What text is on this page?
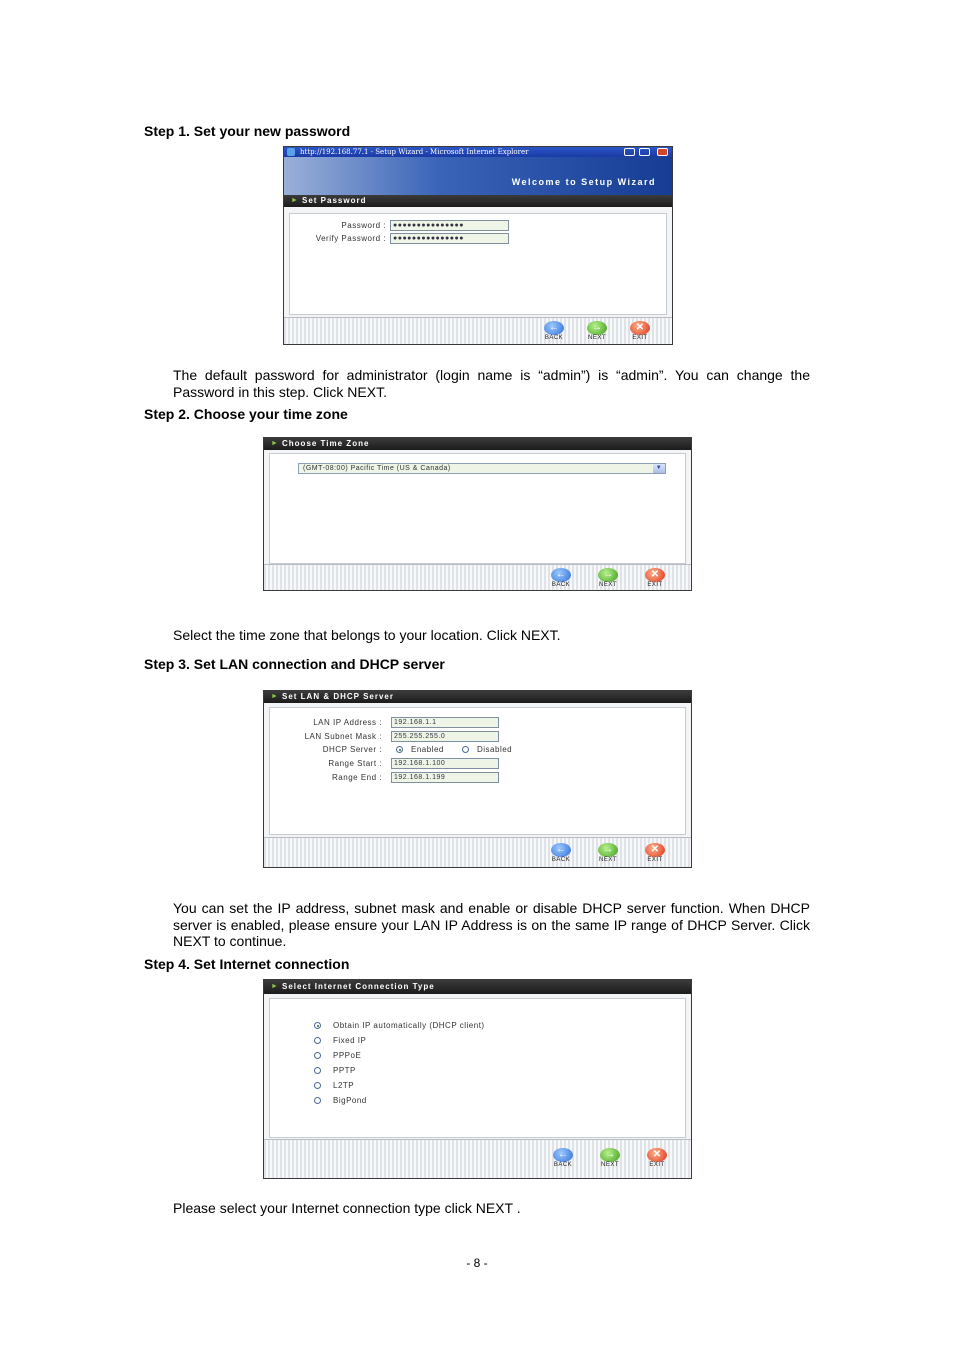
Step 1. Set your new password
http://192.168.77.1 - Setup Wizard - Microsoft Internet Explorer
Welcome to Setup Wizard
► Set Password
Password :	●●●●●●●●●●●●●●●
Verify Password :	●●●●●●●●●●●●●●●
←
BACK
→
NEXT
✕
EXIT
The default password for administrator (login name is “admin”) is “admin”. You can change the Password in this step. Click NEXT.
Step 2. Choose your time zone
► Choose Time Zone
(GMT-08:00) Pacific Time (US & Canada)	▼
←
BACK
→
NEXT
✕
EXIT
Select the time zone that belongs to your location. Click NEXT.
Step 3. Set LAN connection and DHCP server
► Set LAN & DHCP Server
LAN IP Address :	192.168.1.1
LAN Subnet Mask :	255.255.255.0
DHCP Server :	Enabled	Disabled
Range Start :	192.168.1.100
Range End :	192.168.1.199
←
BACK
→
NEXT
✕
EXIT
You can set the IP address, subnet mask and enable or disable DHCP server function. When DHCP server is enabled, please ensure your LAN IP Address is on the same IP range of DHCP Server. Click NEXT to continue.
Step 4. Set Internet connection
► Select Internet Connection Type
Obtain IP automatically (DHCP client)
Fixed IP
PPPoE
PPTP
L2TP
BigPond
←
BACK
→
NEXT
✕
EXIT
Please select your Internet connection type click NEXT .
- 8 -
